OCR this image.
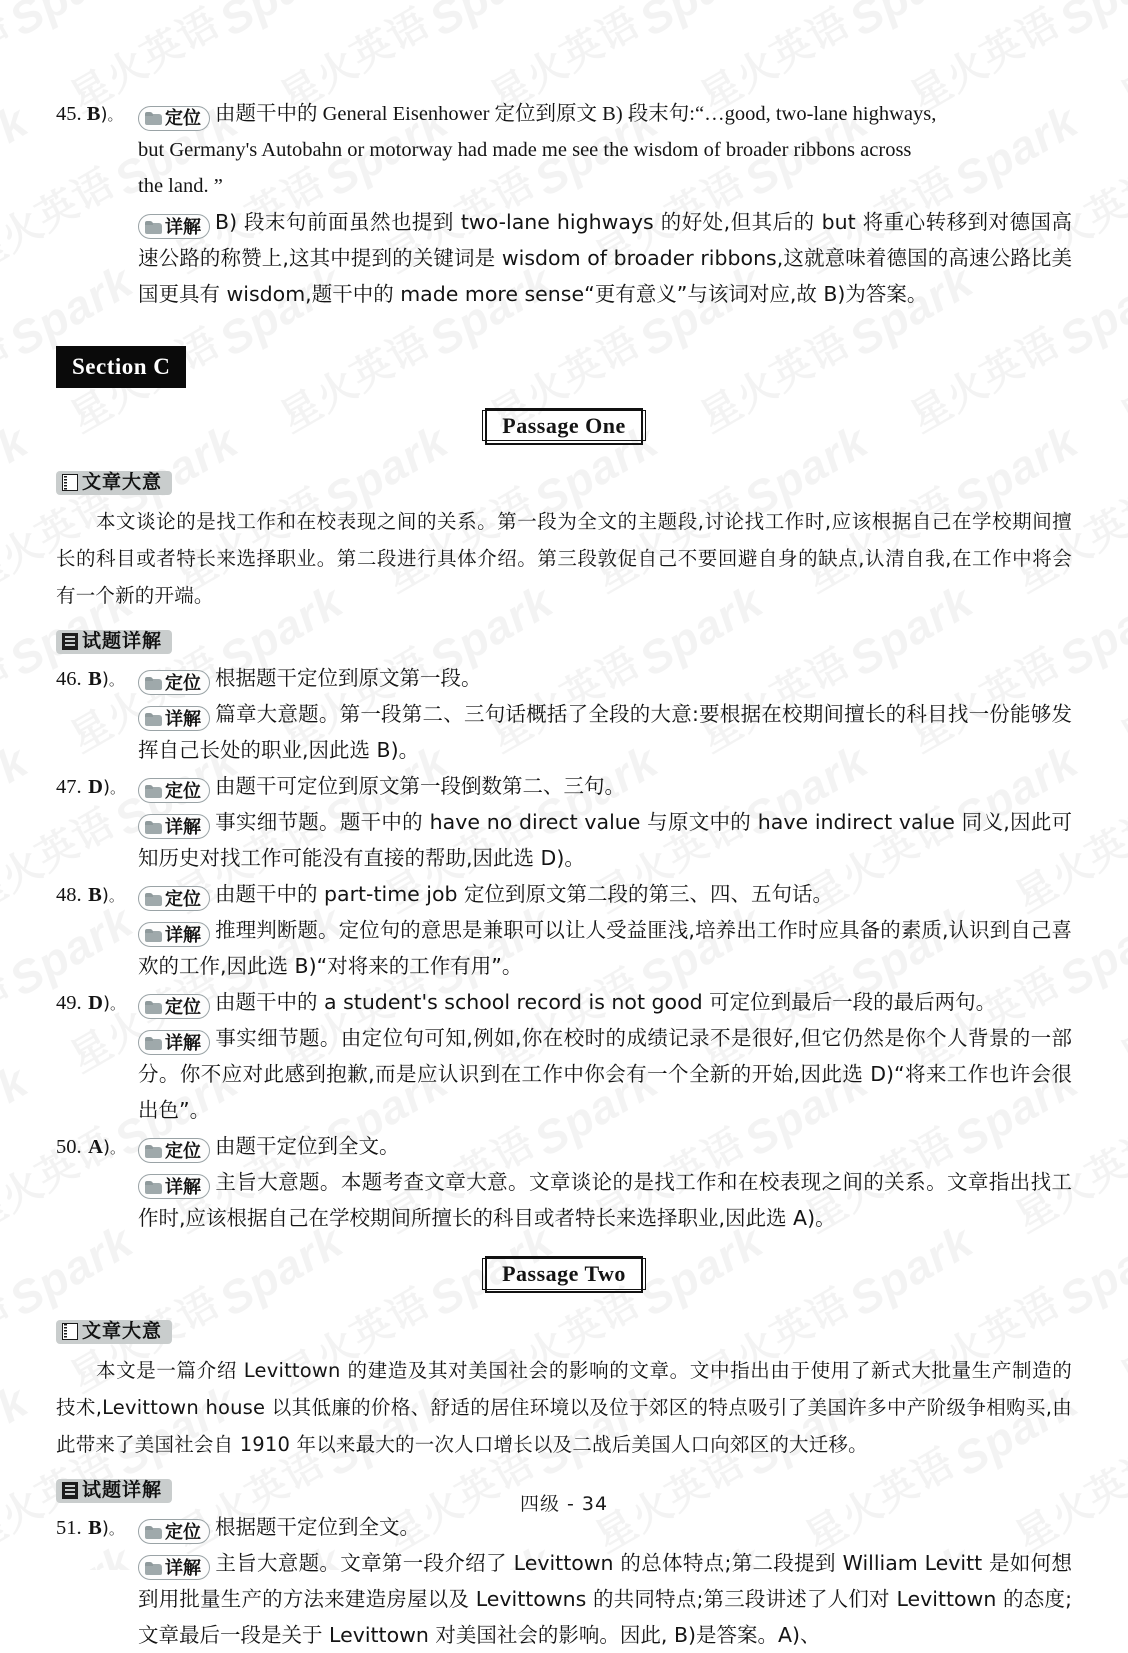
45. B)。	定位 由题干中的 General Eisenhower 定位到原文 B) 段末句:“…good, two-lane highways,
but Germany's Autobahn or motorway had made me see the wisdom of broader ribbons across
the land. ”
详解 B) 段末句前面虽然也提到 two-lane highways 的好处,但其后的 but 将重心转移到对德国高速公路的称赞上,这其中提到的关键词是 wisdom of broader ribbons,这就意味着德国的高速公路比美国更具有 wisdom,题干中的 made more sense“更有意义”与该词对应,故 B)为答案。
Section C
Passage One
文章大意

本文谈论的是找工作和在校表现之间的关系。第一段为全文的主题段,讨论找工作时,应该根据自己在学校期间擅长的科目或者特长来选择职业。第二段进行具体介绍。第三段敦促自己不要回避自身的缺点,认清自我,在工作中将会有一个新的开端。

试题详解
46. B)。	定位 根据题干定位到原文第一段。
详解 篇章大意题。第一段第二、三句话概括了全段的大意:要根据在校期间擅长的科目找一份能够发挥自己长处的职业,因此选 B)。
47. D)。	定位 由题干可定位到原文第一段倒数第二、三句。
详解 事实细节题。题干中的 have no direct value 与原文中的 have indirect value 同义,因此可知历史对找工作可能没有直接的帮助,因此选 D)。
48. B)。	定位 由题干中的 part-time job 定位到原文第二段的第三、四、五句话。
详解 推理判断题。定位句的意思是兼职可以让人受益匪浅,培养出工作时应具备的素质,认识到自己喜欢的工作,因此选 B)“对将来的工作有用”。
49. D)。	定位 由题干中的 a student's school record is not good 可定位到最后一段的最后两句。
详解 事实细节题。由定位句可知,例如,你在校时的成绩记录不是很好,但它仍然是你个人背景的一部分。你不应对此感到抱歉,而是应认识到在工作中你会有一个全新的开始,因此选 D)“将来工作也许会很出色”。
50. A)。	定位 由题干定位到全文。
详解 主旨大意题。本题考查文章大意。文章谈论的是找工作和在校表现之间的关系。文章指出找工作时,应该根据自己在学校期间所擅长的科目或者特长来选择职业,因此选 A)。
Passage Two
文章大意

本文是一篇介绍 Levittown 的建造及其对美国社会的影响的文章。文中指出由于使用了新式大批量生产制造的技术,Levittown house 以其低廉的价格、舒适的居住环境以及位于郊区的特点吸引了美国许多中产阶级争相购买,由此带来了美国社会自 1910 年以来最大的一次人口增长以及二战后美国人口向郊区的大迁移。

试题详解
51. B)。	定位 根据题干定位到全文。
详解 主旨大意题。文章第一段介绍了 Levittown 的总体特点;第二段提到 William Levitt 是如何想到用批量生产的方法来建造房屋以及 Levittowns 的共同特点;第三段讲述了人们对 Levittown 的态度;文章最后一段是关于 Levittown 对美国社会的影响。因此, B)是答案。A)、
四级 - 34
